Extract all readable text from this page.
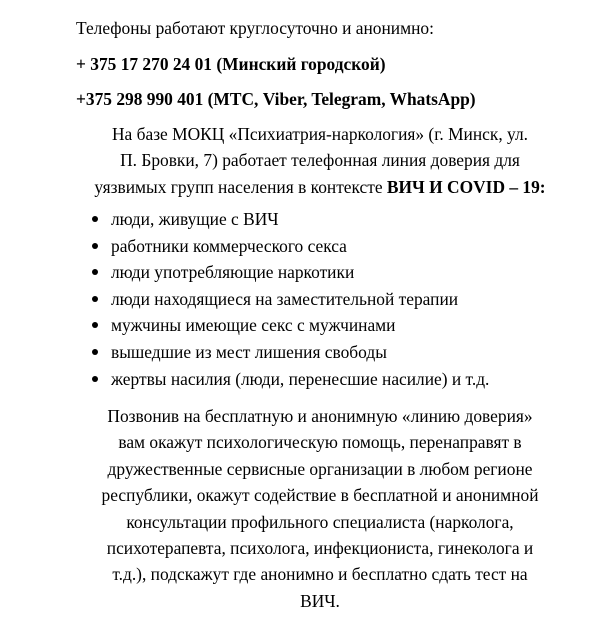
Телефоны работают круглосуточно и анонимно:
+ 375 17 270 24 01 (Минский городской)
+375 298 990 401 (МТС, Viber, Telegram, WhatsApp)
На базе МОКЦ «Психиатрия-наркология» (г. Минск, ул.
П. Бровки, 7) работает телефонная линия доверия для
уязвимых групп населения в контексте ВИЧ И COVID – 19:
люди, живущие с ВИЧ
работники коммерческого секса
люди употребляющие наркотики
люди находящиеся на заместительной терапии
мужчины имеющие секс с мужчинами
вышедшие из мест лишения свободы
жертвы насилия (люди, перенесшие насилие) и т.д.
Позвонив на бесплатную и анонимную «линию доверия»
вам окажут психологическую помощь, перенаправят в
дружественные сервисные организации в любом регионе
республики, окажут содействие в бесплатной и анонимной
консультации профильного специалиста (нарколога,
психотерапевта, психолога, инфекциониста, гинеколога и
т.д.), подскажут где анонимно и бесплатно сдать тест на
ВИЧ.
